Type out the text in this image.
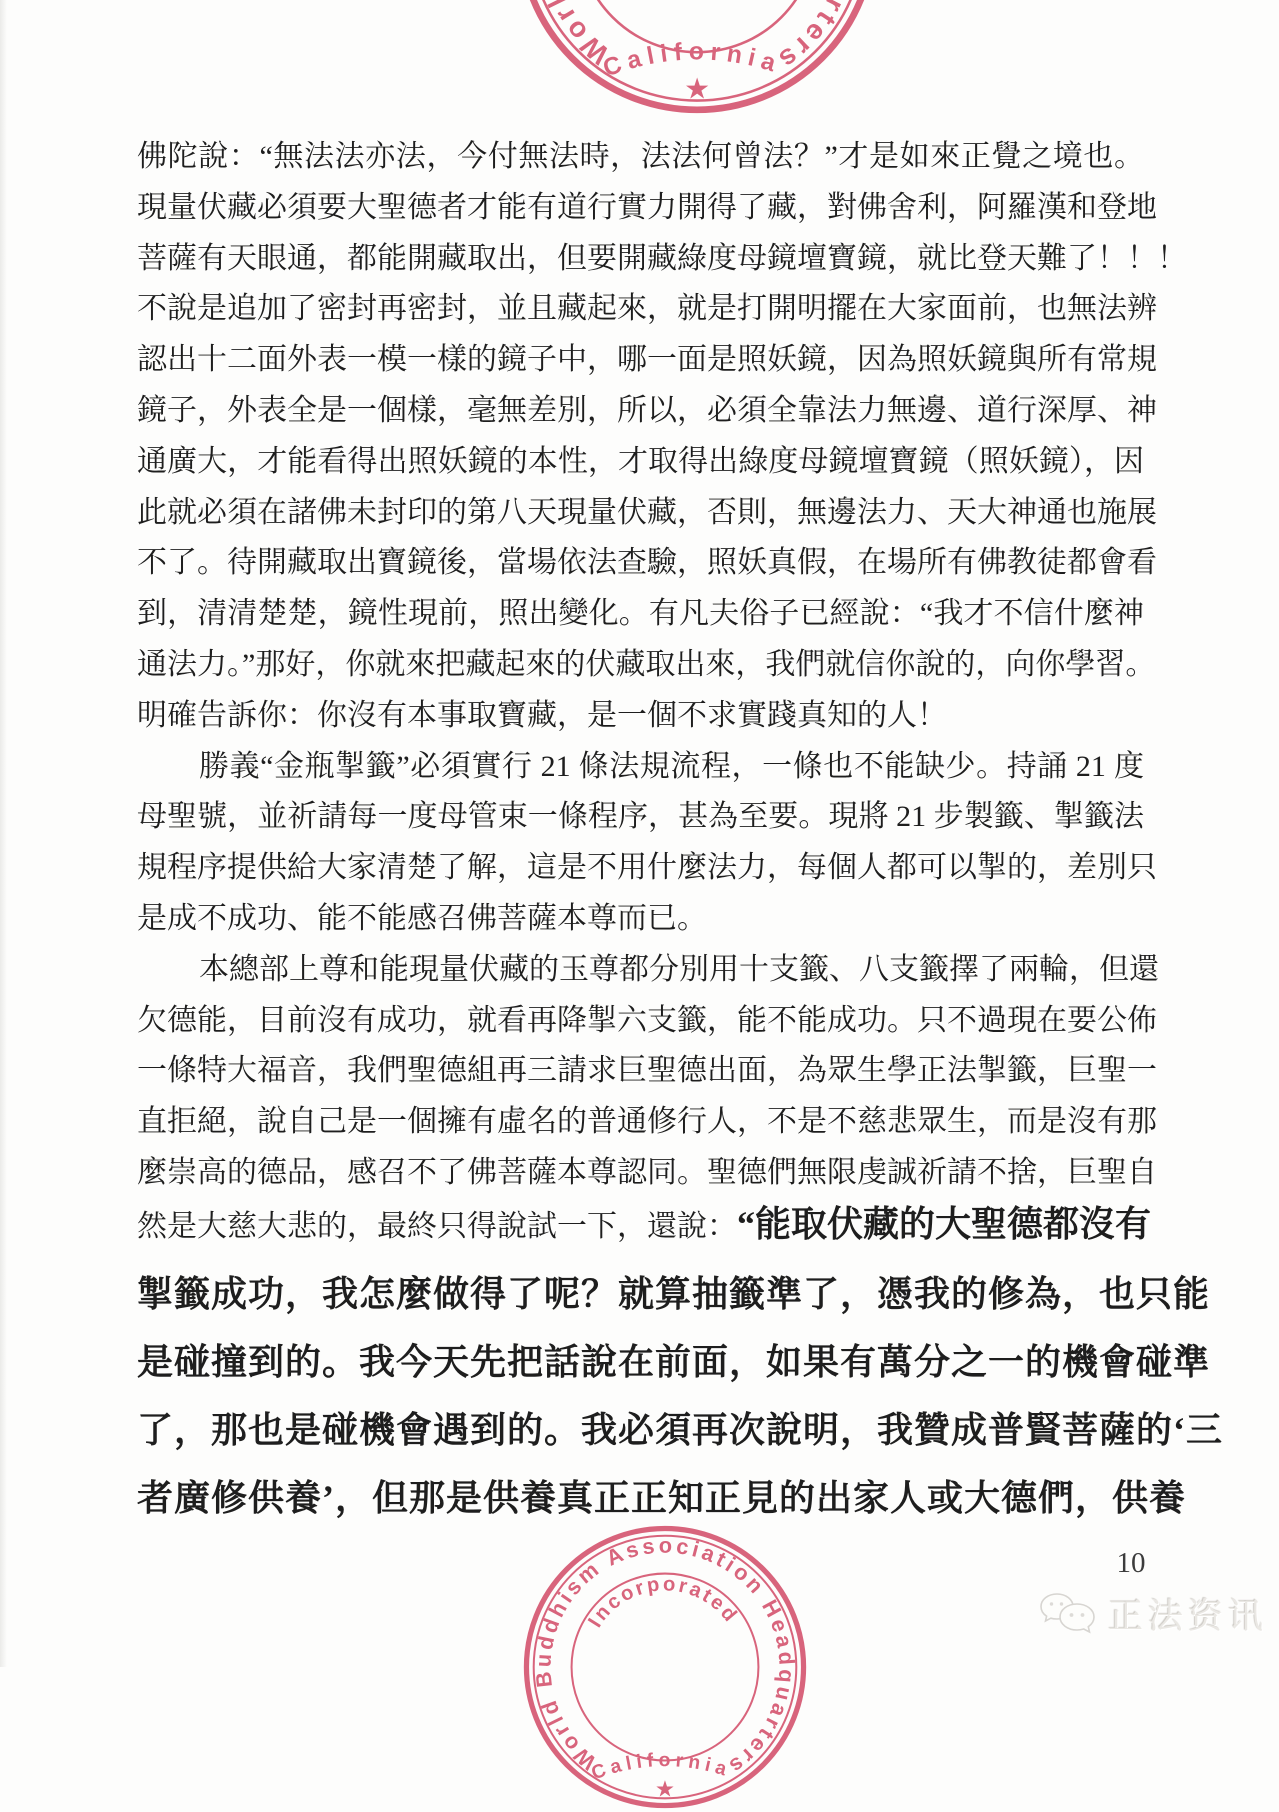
佛陀說：“無法法亦法，今付無法時，法法何曾法？”才是如來正覺之境也。
現量伏藏必須要大聖德者才能有道行實力開得了藏，對佛舍利，阿羅漢和登地
菩薩有天眼通，都能開藏取出，但要開藏綠度母鏡壇寶鏡，就比登天難了！！！
不說是追加了密封再密封，並且藏起來，就是打開明擺在大家面前，也無法辨
認出十二面外表一模一樣的鏡子中，哪一面是照妖鏡，因為照妖鏡與所有常規
鏡子，外表全是一個樣，毫無差別，所以，必須全靠法力無邊、道行深厚、神
通廣大，才能看得出照妖鏡的本性，才取得出綠度母鏡壇寶鏡（照妖鏡），因
此就必須在諸佛未封印的第八天現量伏藏，否則，無邊法力、天大神通也施展
不了。待開藏取出寶鏡後，當場依法查驗，照妖真假，在場所有佛教徒都會看
到，清清楚楚，鏡性現前，照出變化。有凡夫俗子已經說：“我才不信什麼神
通法力。”那好，你就來把藏起來的伏藏取出來，我們就信你說的，向你學習。
明確告訴你：你沒有本事取寶藏，是一個不求實踐真知的人！
勝義“金瓶掣籤”必須實行 21 條法規流程，一條也不能缺少。持誦 21 度
母聖號，並祈請每一度母管束一條程序，甚為至要。現將 21 步製籤、掣籤法
規程序提供給大家清楚了解，這是不用什麼法力，每個人都可以掣的，差別只
是成不成功、能不能感召佛菩薩本尊而已。
本總部上尊和能現量伏藏的玉尊都分別用十支籤、八支籤擇了兩輪，但還
欠德能，目前沒有成功，就看再降掣六支籤，能不能成功。只不過現在要公佈
一條特大福音，我們聖德組再三請求巨聖德出面，為眾生學正法掣籤，巨聖一
直拒絕，說自己是一個擁有虛名的普通修行人，不是不慈悲眾生，而是沒有那
麼崇高的德品，感召不了佛菩薩本尊認同。聖德們無限虔誠祈請不捨，巨聖自
然是大慈大悲的，最終只得說試一下，還說：“能取伏藏的大聖德都沒有
掣籤成功，我怎麼做得了呢？就算抽籤準了，憑我的修為，也只能
是碰撞到的。我今天先把話說在前面，如果有萬分之一的機會碰準
了，那也是碰機會遇到的。我必須再次說明，我贊成普賢菩薩的‘三
者廣修供養’，但那是供養真正正知正見的出家人或大德們，供養
10
正法资讯
